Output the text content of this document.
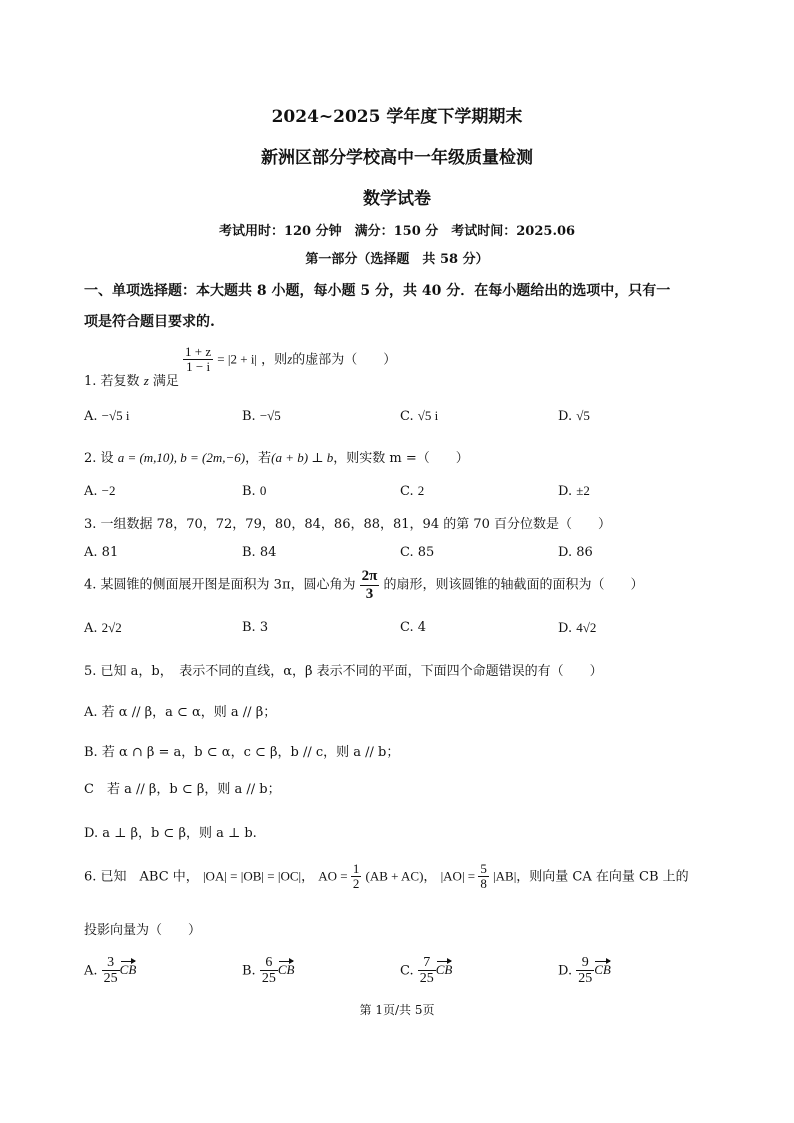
2024~2025 学年度下学期期末
新洲区部分学校高中一年级质量检测
数学试卷
考试用时：120 分钟　满分：150 分　考试时间：2025.06
第一部分（选择题　共 58 分）
一、单项选择题：本大题共 8 小题，每小题 5 分，共 40 分．在每小题给出的选项中，只有一
项是符合题目要求的.
1. 若复数 z 满足
$\frac{1 + z}{1 - i} = |2 + i|$ ，则z的虚部为（　　）
A. −√5 i	B. −√5	C. √5 i	D. √5
2. 设 a = (m,10), b = (2m,−6)，若(a + b) ⊥ b，则实数 m =（　　）
A. −2	B. 0	C. 2	D. ±2
3. 一组数据 78，70，72，79，80，84，86，88，81，94 的第 70 百分位数是（　　）
A. 81	B. 84	C. 85	D. 86
4. 某圆锥的侧面展开图是面积为 3π，圆心角为 $\frac{2\pi}{3}$ 的扇形，则该圆锥的轴截面的面积为（　　）
A. 2√2	B. 3	C. 4	D. 4√2
5. 已知 a，b，　表示不同的直线，α，β 表示不同的平面，下面四个命题错误的有（　　）
A. 若 α // β，a ⊂ α，则 a // β；
B. 若 α ∩ β = a，b ⊂ α，c ⊂ β，b // c，则 a // b；
C　若 a // β，b ⊂ β，则 a // b；
D. a ⊥ β，b ⊂ β，则 a ⊥ b.
6. 已知　ABC 中， |OA| = |OB| = |OC|， AO = $\frac{1}{2} (AB + AC)$， $|AO| = \frac{5}{8} |AB|$，则向量 CA 在向量 CB 上的
投影向量为（　　）
A. $\frac{3}{25}$ CB	B. $\frac{6}{25}$ CB	C. $\frac{7}{25}$ CB	D. $\frac{9}{25}$ CB
第 1页/共 5页
